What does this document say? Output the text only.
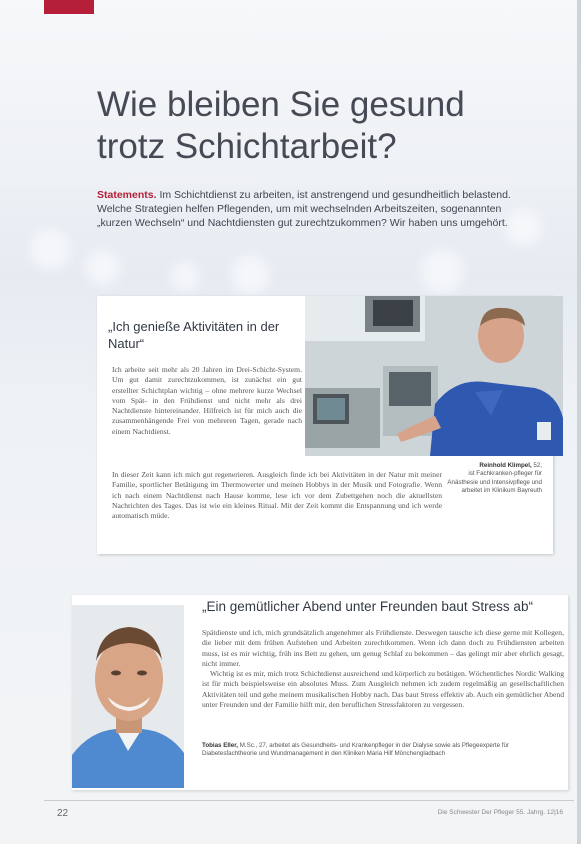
Wie bleiben Sie gesund trotz Schichtarbeit?
Statements. Im Schichtdienst zu arbeiten, ist anstrengend und gesundheitlich belastend. Welche Strategien helfen Pflegenden, um mit wechselnden Arbeitszeiten, sogenannten „kurzen Wechseln“ und Nachtdiensten gut zurechtzukommen? Wir haben uns umgehört.
„Ich genieße Aktivitäten in der Natur“
Ich arbeite seit mehr als 20 Jahren im Drei-Schicht-System. Um gut damit zurechtzukommen, ist zunächst ein gut erstellter Schichtplan wichtig – ohne mehrere kurze Wechsel vom Spät- in den Frühdienst und nicht mehr als drei Nachtdienste hintereinander. Hilfreich ist für mich auch die zusammenhängende Frei von mehreren Tagen, gerade nach einem Nachtdienst.
In dieser Zeit kann ich mich gut regenerieren. Ausgleich finde ich bei Aktivitäten in der Natur mit meiner Familie, sportlicher Betätigung im Thermowerter und meinen Hobbys in der Musik und Fotografie. Wenn ich nach einem Nachtdienst nach Hause komme, lese ich vor dem Zubettgehen noch die aktuellsten Nachrichten des Tages. Das ist wie ein kleines Ritual. Mit der Zeit kommt die Entspannung und ich werde automatisch müde.
Reinhold Klimpel, 52,
ist Fachkranken-pfleger für Anästhesie und Intensivpflege und arbeitet im Klinikum Bayreuth
„Ein gemütlicher Abend unter Freunden baut Stress ab“

Spätdienste und ich, mich grundsätzlich angenehmer als Frühdienste. Deswegen tausche ich diese gerne mit Kollegen, die lieber mit dem frühen Aufstehen und Arbeiten zurechtkommen. Wenn ich dann doch zu Frühdiensten arbeiten muss, ist es mir wichtig, früh ins Bett zu gehen, um genug Schlaf zu bekommen – das gelingt mir aber ehrlich gesagt, nicht immer.

Wichtig ist es mir, mich trotz Schichtdienst ausreichend und körperlich zu betätigen. Wöchentliches Nordic Walking ist für mich beispielsweise ein absolutes Muss. Zum Ausgleich nehmen ich zudem regelmäßig an gesellschaftlichen Aktivitäten teil und gehe meinem musikalischen Hobby nach. Das baut Stress effektiv ab. Auch ein gemütlicher Abend unter Freunden und der Familie hilft mir, den beruflichen Stressfaktoren zu vergessen.

Tobias Eller, M.Sc., 27, arbeitet als Gesundheits- und Krankenpfleger in der Dialyse sowie als Pflegeexperte für Diabetesfachtheorie und Wundmanagement in den Kliniken Maria Hilf Mönchengladbach
22	Die Schwester Der Pfleger 55. Jahrg. 12|16
